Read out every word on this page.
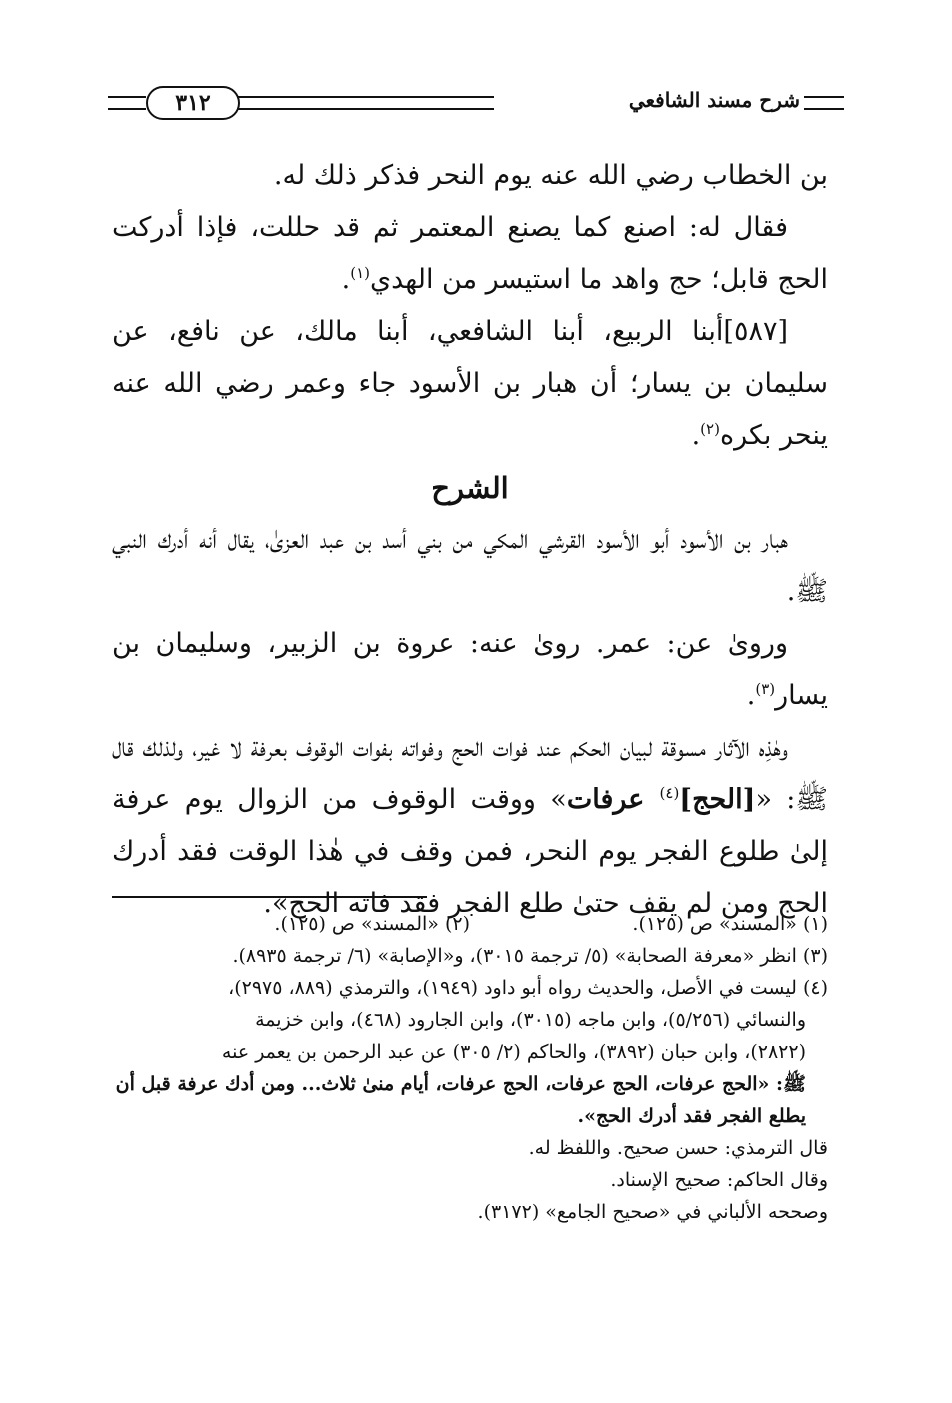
شرح مسند الشافعي
٣١٢

بن الخطاب رضي الله عنه يوم النحر فذكر ذلك له.

فقال له: اصنع كما يصنع المعتمر ثم قد حللت، فإذا أدركت الحج قابل؛ حج واهد ما استيسر من الهدي$^{(١)}$.

[٥٨٧]أبنا الربيع، أبنا الشافعي، أبنا مالك، عن نافع، عن سليمان بن يسار؛ أن هبار بن الأسود جاء وعمر رضي الله عنه ينحر بكره$^{(٢)}$.

الشرح

هبار بن الأسود أبو الأسود القرشي المكي من بني أسد بن عبد العزىٰ، يقال أنه أدرك النبي ﷺ.

وروىٰ عن: عمر. روىٰ عنه: عروة بن الزبير، وسليمان بن يسار$^{(٣)}$.

وهٰذِه الآثار مسوقة لبيان الحكم عند فوات الحج وفواته بفوات الوقوف بعرفة لا غير، ولذلك قال ﷺ: «[الحج]$^{(٤)}$ عرفات» ووقت الوقوف من الزوال يوم عرفة إلىٰ طلوع الفجر يوم النحر، فمن وقف في هٰذا الوقت فقد أدرك الحج ومن لم يقف حتىٰ طلع الفجر فقد فاته الحج».

(١) «المسند» ص (١٢٥).
(٢) «المسند» ص (١٢٥).

(٣) انظر «معرفة الصحابة» (٥/ ترجمة ٣٠١٥)، و«الإصابة» (٦/ ترجمة ٨٩٣٥).

(٤) ليست في الأصل، والحديث رواه أبو داود (١٩٤٩)، والترمذي (٨٨٩، ٢٩٧٥)،

والنسائي (٥/٢٥٦)، وابن ماجه (٣٠١٥)، وابن الجارود (٤٦٨)، وابن خزيمة

(٢٨٢٢)، وابن حبان (٣٨٩٢)، والحاكم (٢/ ٣٠٥) عن عبد الرحمن بن يعمر عنه

ﷺ: «الحج عرفات، الحج عرفات، الحج عرفات، أيام منىٰ ثلاث... ومن أدك عرفة قبل أن يطلع الفجر فقد أدرك الحج».

قال الترمذي: حسن صحيح. واللفظ له.

وقال الحاكم: صحيح الإسناد.

وصححه الألباني في «صحيح الجامع» (٣١٧٢).
